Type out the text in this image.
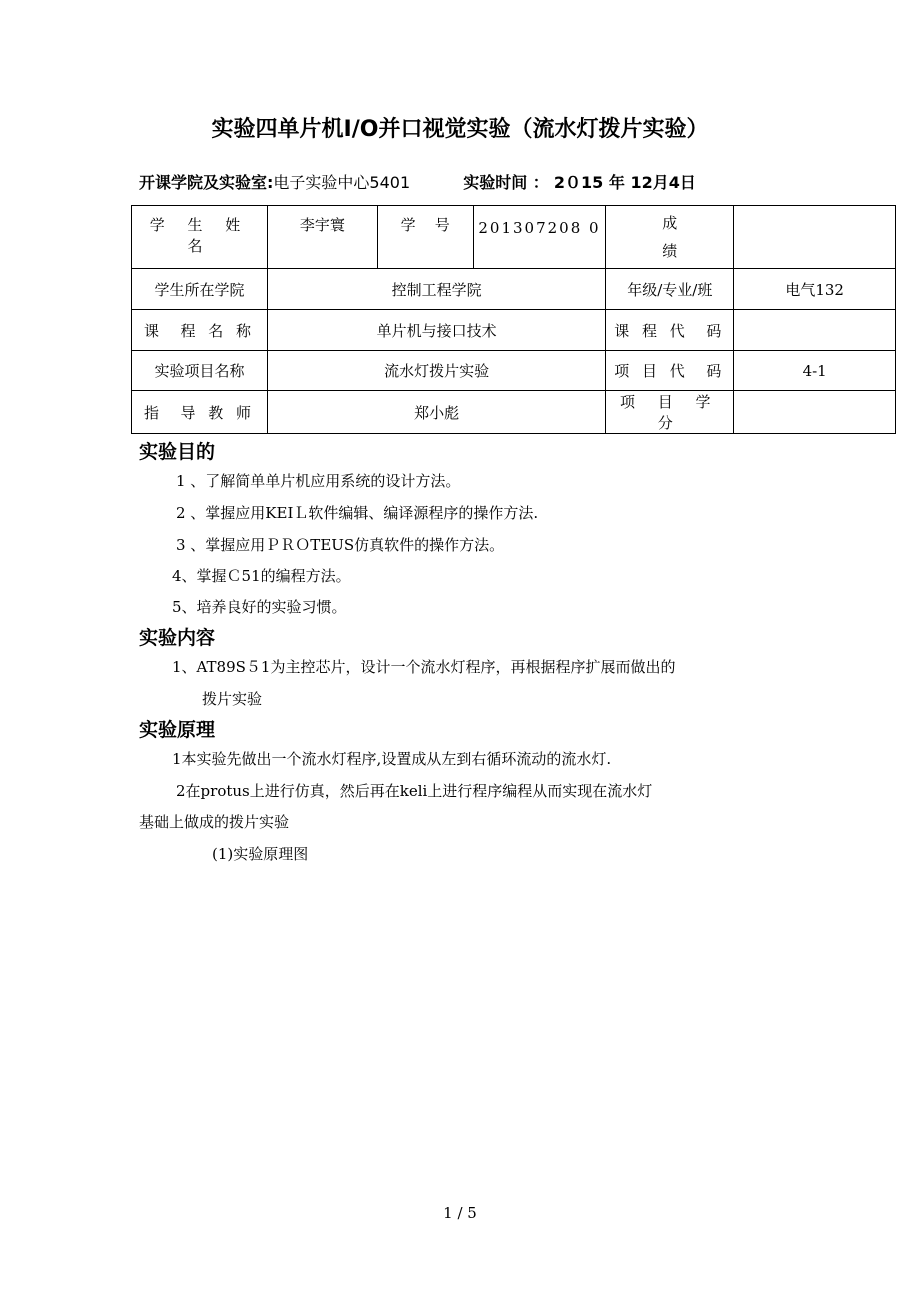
实验四单片机I/O并口视觉实验（流水灯拨片实验）
开课学院及实验室:电子实验中心5401	实验时间 ： 2０15 年 12月4日
学 生 姓 名	李宇寰	学    号	201307208 0	成 绩	
学生所在学院	控制工程学院			年级/专业/班	电气132
课  程 名 称	单片机与接口技术			课 程 代  码	
实验项目名称	流水灯拨片实验			项 目 代  码	4-1
指  导 教 师	郑小彪			项 目 学 分	
实验目的
1 、了解简单单片机应用系统的设计方法。
2 、掌握应用KEIＬ软件编辑、编译源程序的操作方法.
3 、掌握应用ＰＲＯTEUS仿真软件的操作方法。
4、掌握Ｃ51的编程方法。
5、培养良好的实验习惯。
实验内容
1、AT89S５1为主控芯片，设计一个流水灯程序，再根据程序扩展而做出的
拨片实验
实验原理
1本实验先做出一个流水灯程序,设置成从左到右循环流动的流水灯.
2在protus上进行仿真，然后再在keli上进行程序编程从而实现在流水灯
基础上做成的拨片实验
(1)实验原理图
1 / 5
